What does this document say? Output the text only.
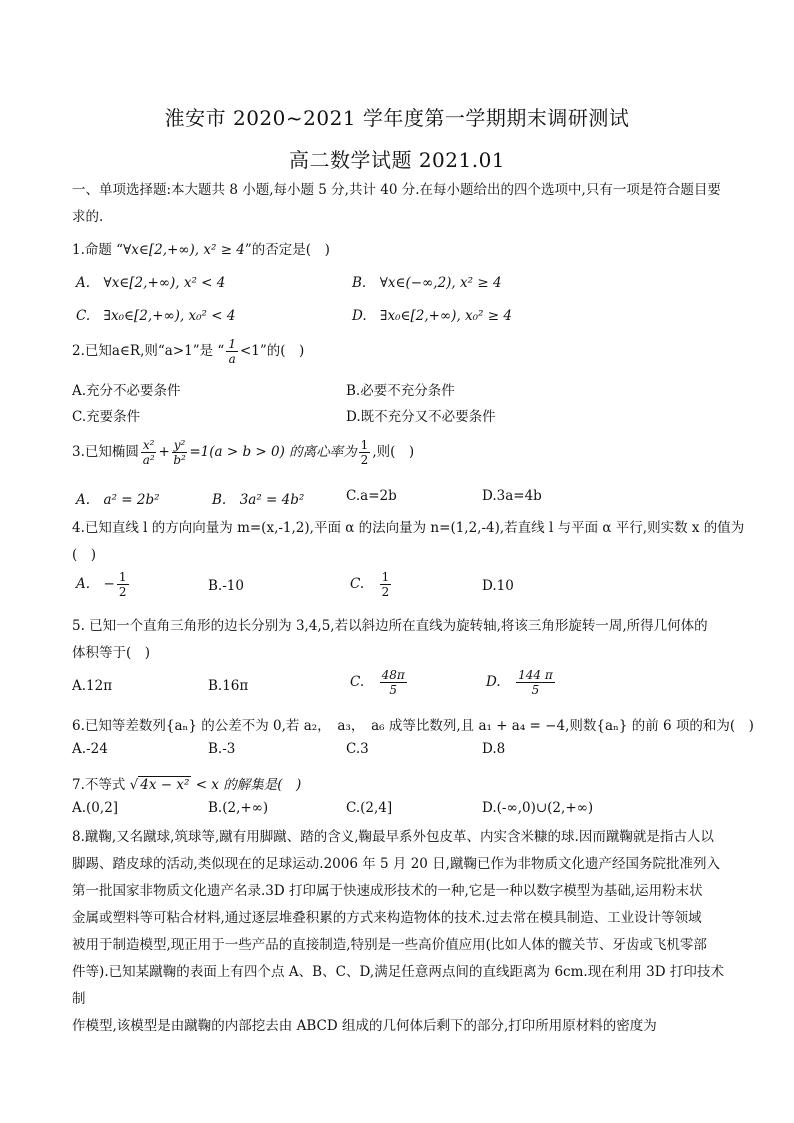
淮安市 2020~2021 学年度第一学期期末调研测试
高二数学试题 2021.01
一、单项选择题:本大题共 8 小题,每小题 5 分,共计 40 分.在每小题给出的四个选项中,只有一项是符合题目要
求的.
1.命题 “∀x∈[2,+∞), x² ≥ 4”的否定是(　)
A.　∀x∈[2,+∞), x² < 4	B.　∀x∈(−∞,2), x² ≥ 4
C.　∃x₀∈[2,+∞), x₀² < 4	D.　∃x₀∈[2,+∞), x₀² ≥ 4
2.已知a∈R,则“a>1”是 “ $\frac{1}{a} <1$”的(　)
A.充分不必要条件	B.必要不充分条件
C.充要条件	D.既不充分又不必要条件
3.已知椭圆 $\frac{\text{x²}}{\text{a²}} + \frac{\text{y²}}{\text{b²}} =1(a > b > 0)$ 的离心率为 $\frac{1}{2}$ ,则(　)
A.　a² = 2b²	B.　3a² = 4b²	C.a=2b	D.3a=4b
4.已知直线 l 的方向向量为 m=(x,-1,2),平面 α 的法向量为 n=(1,2,-4),若直线 l 与平面 α 平行,则实数 x 的值为
(　)
A.　− $\frac{1}{2}$	B.-10	C.　 $\frac{1}{2}$	D.10
5. 已知一个直角三角形的边长分别为 3,4,5,若以斜边所在直线为旋转轴,将该三角形旋转一周,所得几何体的
体积等于(　)
A.12π	B.16π	C.　 $\frac{48\pi}{5}$	D.　 $\frac{144 \pi}{5}$
6.已知等差数列{aₙ} 的公差不为 0,若 a₂，　a₃，　a₆ 成等比数列,且 a₁ + a₄ = −4,则数{aₙ} 的前 6 项的和为(　)
A.-24	B.-3	C.3	D.8
7.不等式 √ 4x − x² < x 的解集是(　)
A.(0,2]	B.(2,+∞)	C.(2,4]	D.(-∞,0)∪(2,+∞)
8.蹴鞠,又名蹴球,筑球等,蹴有用脚蹴、踏的含义,鞠最早系外包皮革、内实含米糠的球.因而蹴鞠就是指古人以
脚踢、踏皮球的活动,类似现在的足球运动.2006 年 5 月 20 日,蹴鞠已作为非物质文化遗产经国务院批准列入
第一批国家非物质文化遗产名录.3D 打印属于快速成形技术的一种,它是一种以数字模型为基础,运用粉末状
金属或塑料等可粘合材料,通过逐层堆叠积累的方式来构造物体的技术.过去常在模具制造、工业设计等领域
被用于制造模型,现正用于一些产品的直接制造,特别是一些高价值应用(比如人体的髋关节、牙齿或飞机零部
件等).已知某蹴鞠的表面上有四个点 A、B、C、D,满足任意两点间的直线距离为 6cm.现在利用 3D 打印技术制
作模型,该模型是由蹴鞠的内部挖去由 ABCD 组成的几何体后剩下的部分,打印所用原材料的密度为
